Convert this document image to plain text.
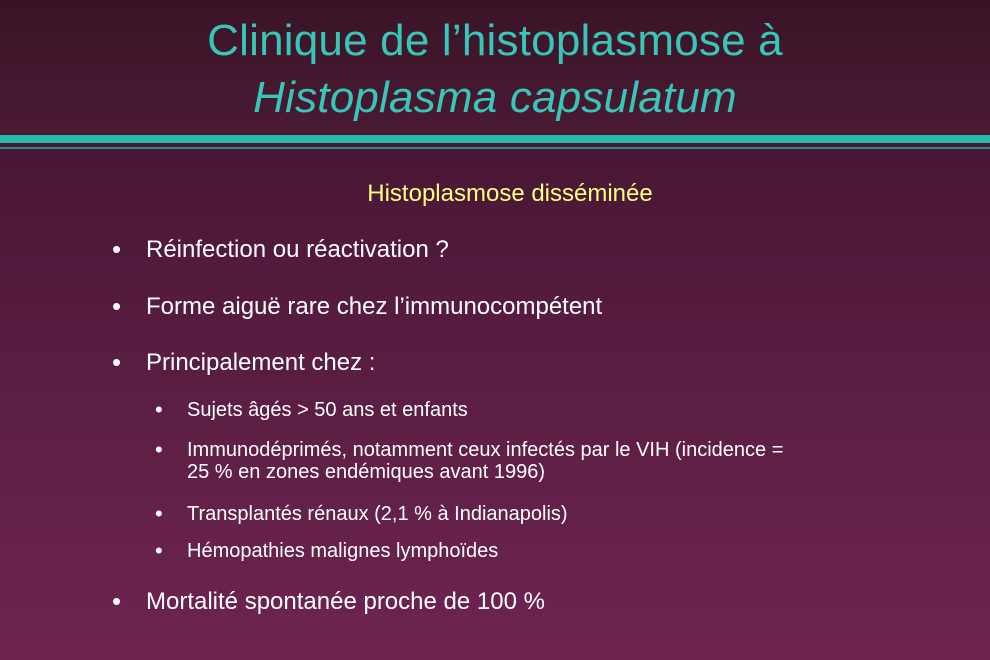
Clinique de l’histoplasmose à
Histoplasma capsulatum
Histoplasmose disséminée
• Réinfection ou réactivation ?
• Forme aiguë rare chez l’immunocompétent
• Principalement chez :
• Sujets âgés > 50 ans et enfants
• Immunodéprimés, notamment ceux infectés par le VIH (incidence =
25 % en zones endémiques avant 1996)
• Transplantés rénaux (2,1 % à Indianapolis)
• Hémopathies malignes lymphoïdes
• Mortalité spontanée proche de 100 %
